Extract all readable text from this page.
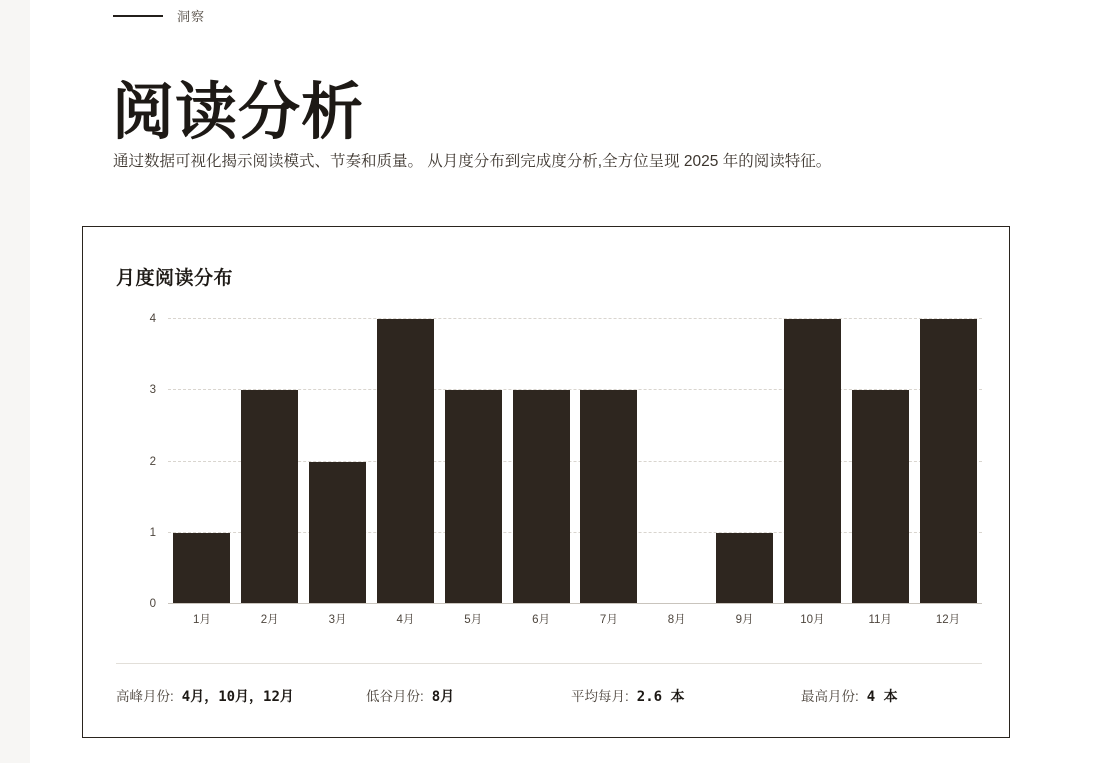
洞察
阅读分析

通过数据可视化揭示阅读模式、节奏和质量。 从月度分布到完成度分析,全方位呈现 2025 年的阅读特征。

月度阅读分布
0
1
2
3
4
1月	2月	3月	4月	5月	6月	7月	8月	9月	10月	11月	12月
高峰月份: 4月，10月，12月	低谷月份: 8月	平均每月: 2.6 本	最高月份: 4 本
